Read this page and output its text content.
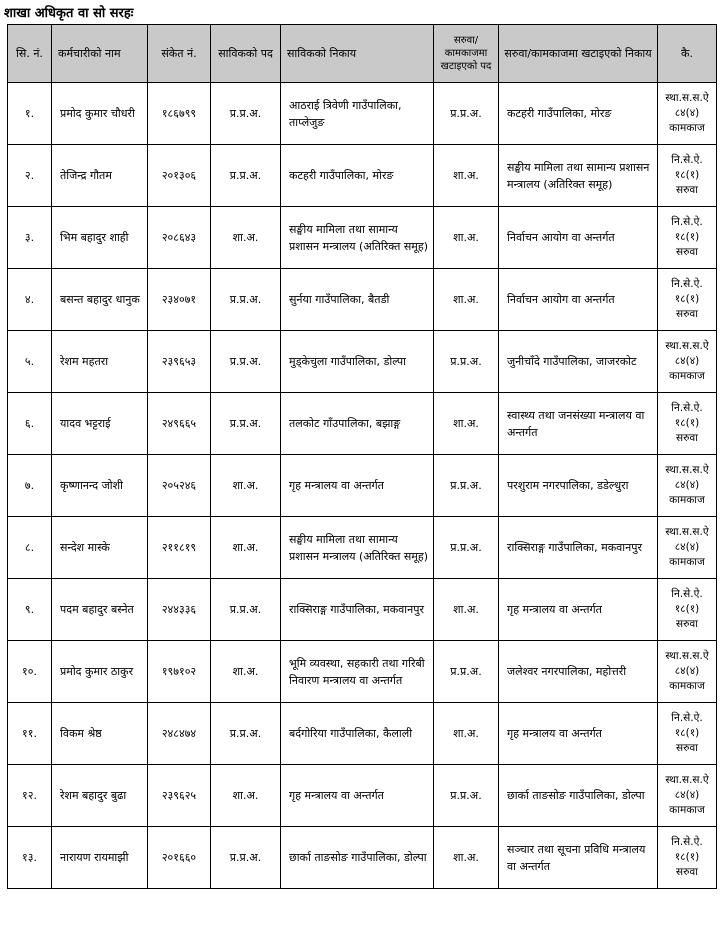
शाखा अधिकृत वा सो सरहः
सि. नं.	कर्मचारीको नाम	संकेत नं.	साविकको पद	साविकको निकाय	सरुवा/ कामकाजमा खटाइएको पद	सरुवा/कामकाजमा खटाइएको निकाय	कै.
१.	प्रमोद कुमार चौधरी	१८६७९९	प्र.प्र.अ.	आठराई त्रिवेणी गाउँपालिका, ताप्लेजुङ	प्र.प्र.अ.	कटहरी गाउँपालिका, मोरङ	स्था.स.स.ऐ
८४(४)
कामकाज

२.	तेजिन्द्र गौतम	२०१३०६	प्र.प्र.अ.	कटहरी गाउँपालिका, मोरङ	शा.अ.	सङ्घीय मामिला तथा सामान्य प्रशासन मन्त्रालय (अतिरिक्त समूह)	नि.से.ऐ.
१८(१)
सरुवा

३.	भिम बहादुर शाही	२०८६४३	शा.अ.	सङ्घीय मामिला तथा सामान्य प्रशासन मन्त्रालय (अतिरिक्त समूह)	शा.अ.	निर्वाचन आयोग वा अन्तर्गत	नि.से.ऐ.
१८(१)
सरुवा

४.	बसन्त बहादुर धानुक	२३४०७१	प्र.प्र.अ.	सुर्नया गाउँपालिका, बैतडी	शा.अ.	निर्वाचन आयोग वा अन्तर्गत	नि.से.ऐ.
१८(१)
सरुवा

५.	रेशम महतरा	२३९६५३	प्र.प्र.अ.	मुड्केचुला गाउँपालिका, डोल्पा	प्र.प्र.अ.	जुनीचाँदे गाउँपालिका, जाजरकोट	स्था.स.स.ऐ
८४(४)
कामकाज

६.	यादव भट्टराई	२४९६६५	प्र.प्र.अ.	तलकोट गाँउपालिका, बझाङ्ग	शा.अ.	स्वास्थ्य तथा जनसंख्या मन्त्रालय वा अन्तर्गत	नि.से.ऐ.
१८(१)
सरुवा

७.	कृष्णानन्द जोशी	२०५२४६	शा.अ.	गृह मन्त्रालय वा अन्तर्गत	प्र.प्र.अ.	परशुराम नगरपालिका, डडेल्धुरा	स्था.स.स.ऐ
८४(४)
कामकाज

८.	सन्देश मास्के	२११८१९	शा.अ.	सङ्घीय मामिला तथा सामान्य प्रशासन मन्त्रालय (अतिरिक्त समूह)	प्र.प्र.अ.	राक्सिराङ्ग गाउँपालिका, मकवानपुर	स्था.स.स.ऐ
८४(४)
कामकाज

९.	पदम बहादुर बस्नेत	२४४३३६	प्र.प्र.अ.	राक्सिराङ्ग गाउँपालिका, मकवानपुर	शा.अ.	गृह मन्त्रालय वा अन्तर्गत	नि.से.ऐ.
१८(१)
सरुवा

१०.	प्रमोद कुमार ठाकुर	१९७१०२	शा.अ.	भूमि व्यवस्था, सहकारी तथा गरिबी निवारण मन्त्रालय वा अन्तर्गत	प्र.प्र.अ.	जलेश्वर नगरपालिका, महोत्तरी	स्था.स.स.ऐ
८४(४)
कामकाज

११.	विकम श्रेष्ठ	२४८४७४	प्र.प्र.अ.	बर्दगोरिया गाउँपालिका, कैलाली	शा.अ.	गृह मन्त्रालय वा अन्तर्गत	नि.से.ऐ.
१८(१)
सरुवा

१२.	रेशम बहादुर बुढा	२३९६२५	शा.अ.	गृह मन्त्रालय वा अन्तर्गत	प्र.प्र.अ.	छार्का ताङसोङ गाउँपालिका, डोल्पा	स्था.स.स.ऐ
८४(४)
कामकाज

१३.	नारायण रायमाझी	२०१६६०	प्र.प्र.अ.	छार्का ताङसोङ गाउँपालिका, डोल्पा	शा.अ.	सञ्चार तथा सूचना प्रविधि मन्त्रालय वा अन्तर्गत	नि.से.ऐ.
१८(१)
सरुवा
